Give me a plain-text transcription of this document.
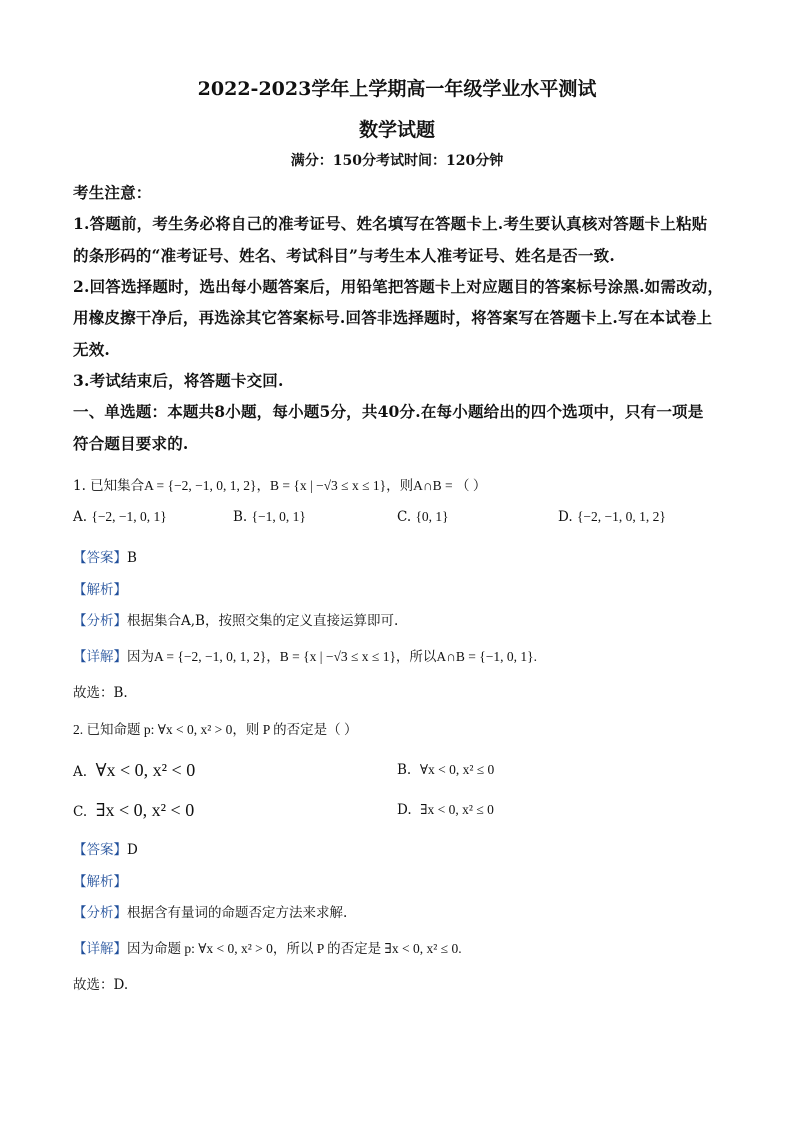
2022-2023学年上学期高一年级学业水平测试
数学试题
满分：150分考试时间：120分钟
考生注意：
1.答题前，考生务必将自己的准考证号、姓名填写在答题卡上.考生要认真核对答题卡上粘贴
的条形码的“准考证号、姓名、考试科目”与考生本人准考证号、姓名是否一致.
2.回答选择题时，选出每小题答案后，用铅笔把答题卡上对应题目的答案标号涂黑.如需改动，
用橡皮擦干净后，再选涂其它答案标号.回答非选择题时，将答案写在答题卡上.写在本试卷上
无效.
3.考试结束后，将答题卡交回.
一、单选题：本题共8小题，每小题5分，共40分.在每小题给出的四个选项中，只有一项是
符合题目要求的.
1. 已知集合A = {−2, −1, 0, 1, 2}，B = {x | −√3 ≤ x ≤ 1}，则A∩B = （ ）
A. {−2, −1, 0, 1}	B. {−1, 0, 1}	C. {0, 1}	D. {−2, −1, 0, 1, 2}
【答案】B
【解析】
【分析】根据集合A,B，按照交集的定义直接运算即可.
【详解】因为A = {−2, −1, 0, 1, 2}，B = {x | −√3 ≤ x ≤ 1}，所以A∩B = {−1, 0, 1}.
故选：B.
2. 已知命题 p: ∀x < 0, x² > 0，则 P 的否定是（ ）
A. ∀x < 0, x² < 0	B. ∀x < 0, x² ≤ 0
C. ∃x < 0, x² < 0	D. ∃x < 0, x² ≤ 0
【答案】D
【解析】
【分析】根据含有量词的命题否定方法来求解.
【详解】因为命题 p: ∀x < 0, x² > 0，所以 P 的否定是 ∃x < 0, x² ≤ 0.
故选：D.
